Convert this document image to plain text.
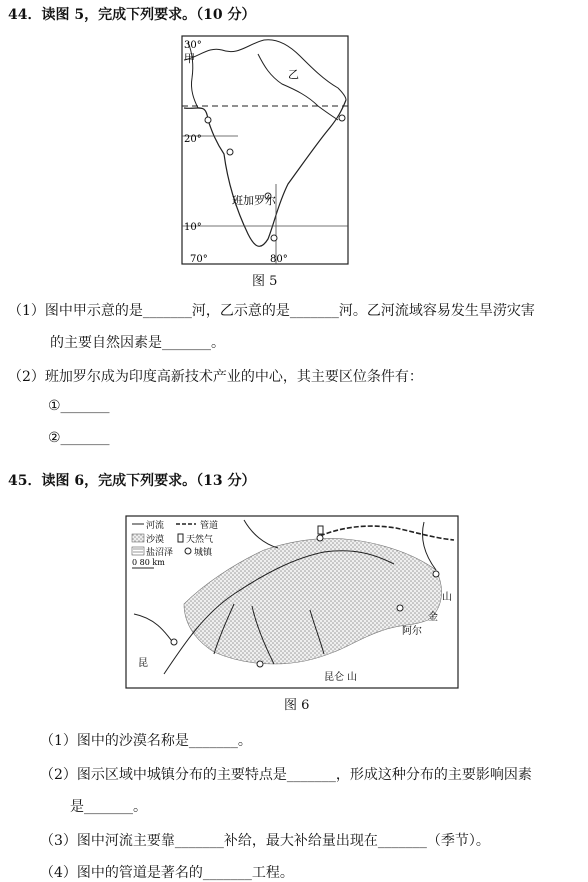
44．读图 5，完成下列要求。（10 分）
30°
甲
乙
20°
班加罗尔
10°
70°	80°
图 5
（1）图中甲示意的是_______河，乙示意的是_______河。乙河流域容易发生旱涝灾害
的主要自然因素是_______。
（2）班加罗尔成为印度高新技术产业的中心，其主要区位条件有：
①_______
②_______
45．读图 6，完成下列要求。（13 分）
河流	管道
沙漠 天然气
盐沼泽 城镇
0 80 km
山
金
阿尔
昆仑 山
昆
图 6
（1）图中的沙漠名称是_______。
（2）图示区域中城镇分布的主要特点是_______，形成这种分布的主要影响因素
是_______。
（3）图中河流主要靠_______补给，最大补给量出现在_______（季节）。
（4）图中的管道是著名的_______工程。
